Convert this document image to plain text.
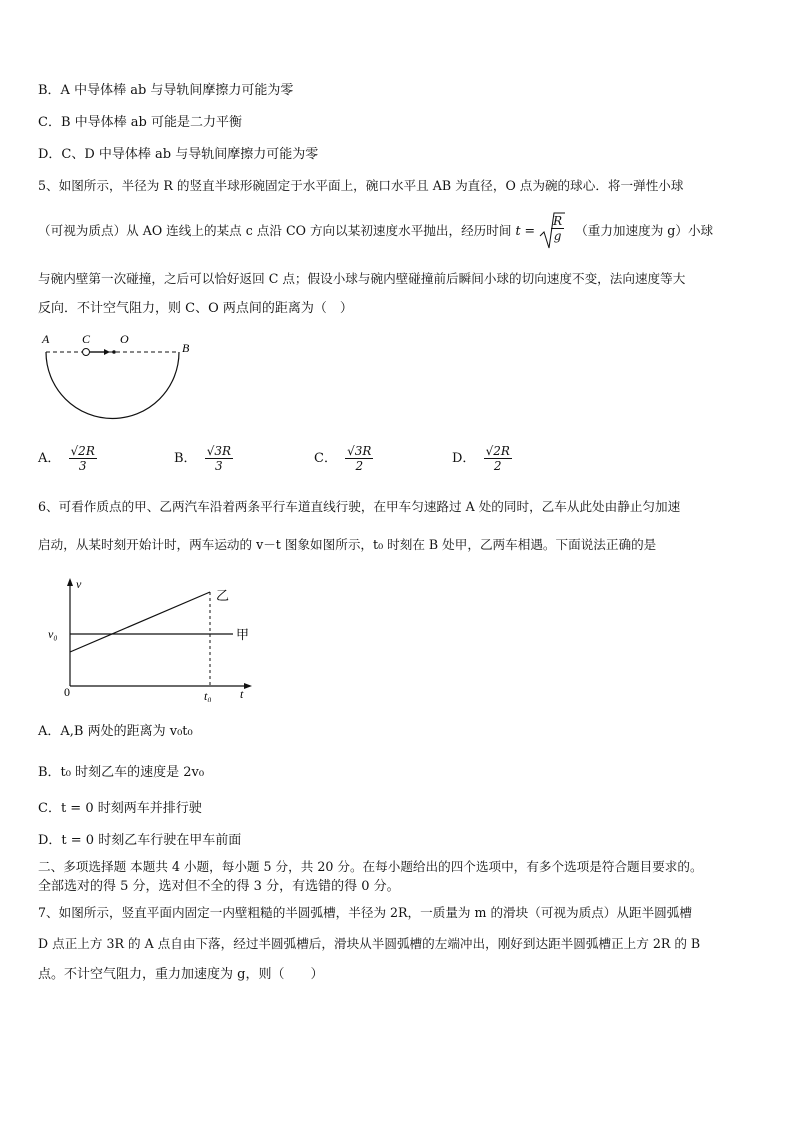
B．A 中导体棒 ab 与导轨间摩擦力可能为零
C．B 中导体棒 ab 可能是二力平衡
D．C、D 中导体棒 ab 与导轨间摩擦力可能为零
5、如图所示，半径为 R 的竖直半球形碗固定于水平面上，碗口水平且 AB 为直径，O 点为碗的球心．将一弹性小球
（可视为质点）从 AO 连线上的某点 c 点沿 CO 方向以某初速度水平抛出，经历时间 $t = \frac{R}{g}$ （重力加速度为 g）小球
与碗内壁第一次碰撞，之后可以恰好返回 C 点；假设小球与碗内壁碰撞前后瞬间小球的切向速度不变，法向速度等大
反向．不计空气阻力，则 C、O 两点间的距离为（　）
A	C O
B
A． $\frac{√2R}{3}$	B． $\frac{√3R}{3}$	C． $\frac{√3R}{2}$	D． $\frac{√2R}{2}$
6、可看作质点的甲、乙两汽车沿着两条平行车道直线行驶，在甲车匀速路过 A 处的同时，乙车从此处由静止匀加速
启动，从某时刻开始计时，两车运动的 v－t 图象如图所示，t₀ 时刻在 B 处甲，乙两车相遇。下面说法正确的是
v
t
0
v₀
t₀
乙
甲
A．A,B 两处的距离为 v₀t₀
B．t₀ 时刻乙车的速度是 2v₀
C．t = 0 时刻两车并排行驶
D．t = 0 时刻乙车行驶在甲车前面
二、多项选择题 本题共 4 小题，每小题 5 分，共 20 分。在每小题给出的四个选项中，有多个选项是符合题目要求的。
全部选对的得 5 分，选对但不全的得 3 分，有选错的得 0 分。
7、如图所示，竖直平面内固定一内壁粗糙的半圆弧槽，半径为 2R，一质量为 m 的滑块（可视为质点）从距半圆弧槽
D 点正上方 3R 的 A 点自由下落，经过半圆弧槽后，滑块从半圆弧槽的左端冲出，刚好到达距半圆弧槽正上方 2R 的 B
点。不计空气阻力，重力加速度为 g，则（　　）
